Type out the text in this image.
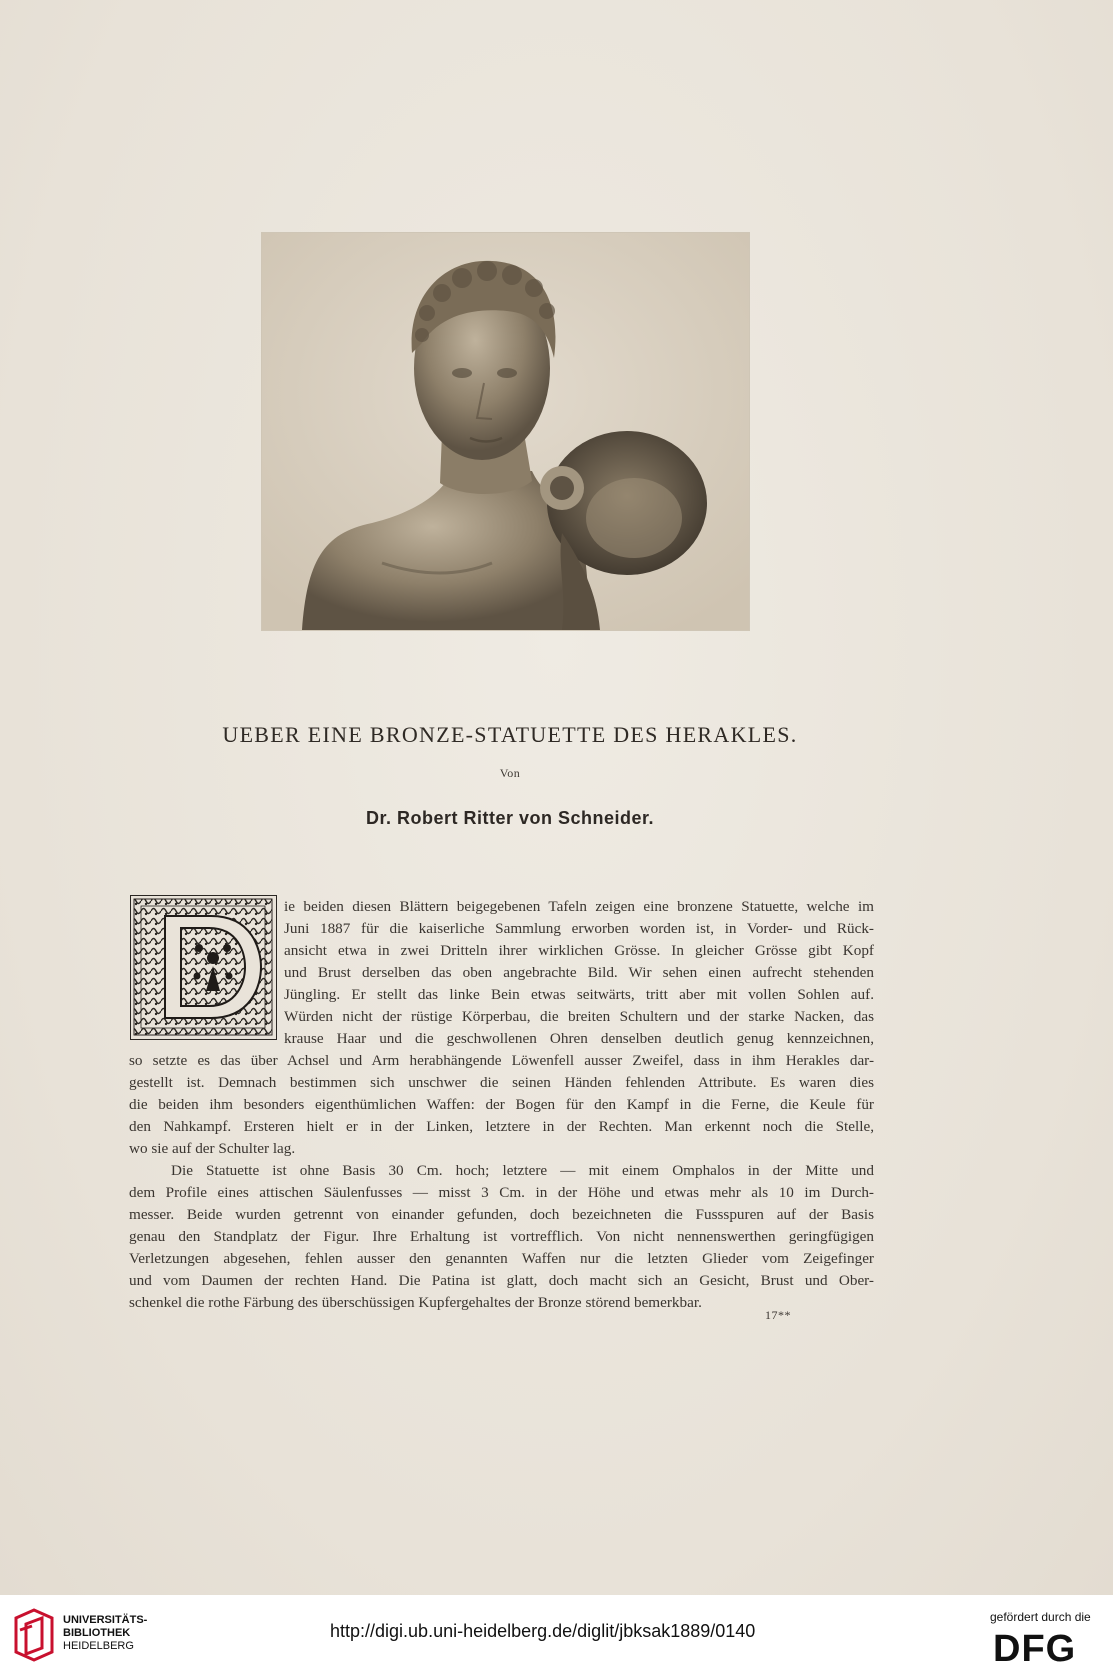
UEBER EINE BRONZE-STATUETTE DES HERAKLES.
Von
Dr. Robert Ritter von Schneider.
ie beiden diesen Blättern beigegebenen Tafeln zeigen eine bronzene Statuette, welche im
Juni 1887 für die kaiserliche Sammlung erworben worden ist, in Vorder- und Rück-
ansicht etwa in zwei Dritteln ihrer wirklichen Grösse. In gleicher Grösse gibt Kopf
und Brust derselben das oben angebrachte Bild. Wir sehen einen aufrecht stehenden
Jüngling. Er stellt das linke Bein etwas seitwärts, tritt aber mit vollen Sohlen auf.
Würden nicht der rüstige Körperbau, die breiten Schultern und der starke Nacken, das
krause Haar und die geschwollenen Ohren denselben deutlich genug kennzeichnen,
so setzte es das über Achsel und Arm herabhängende Löwenfell ausser Zweifel, dass in ihm Herakles dar-
gestellt ist. Demnach bestimmen sich unschwer die seinen Händen fehlenden Attribute. Es waren dies
die beiden ihm besonders eigenthümlichen Waffen: der Bogen für den Kampf in die Ferne, die Keule für
den Nahkampf. Ersteren hielt er in der Linken, letztere in der Rechten. Man erkennt noch die Stelle,
wo sie auf der Schulter lag.
Die Statuette ist ohne Basis 30 Cm. hoch; letztere — mit einem Omphalos in der Mitte und
dem Profile eines attischen Säulenfusses — misst 3 Cm. in der Höhe und etwas mehr als 10 im Durch-
messer. Beide wurden getrennt von einander gefunden, doch bezeichneten die Fussspuren auf der Basis
genau den Standplatz der Figur. Ihre Erhaltung ist vortrefflich. Von nicht nennenswerthen geringfügigen
Verletzungen abgesehen, fehlen ausser den genannten Waffen nur die letzten Glieder vom Zeigefinger
und vom Daumen der rechten Hand. Die Patina ist glatt, doch macht sich an Gesicht, Brust und Ober-
schenkel die rothe Färbung des überschüssigen Kupfergehaltes der Bronze störend bemerkbar.
17**
UNIVERSITÄTS-
BIBLIOTHEK
HEIDELBERG
http://digi.ub.uni-heidelberg.de/diglit/jbksak1889/0140
gefördert durch die
DFG
